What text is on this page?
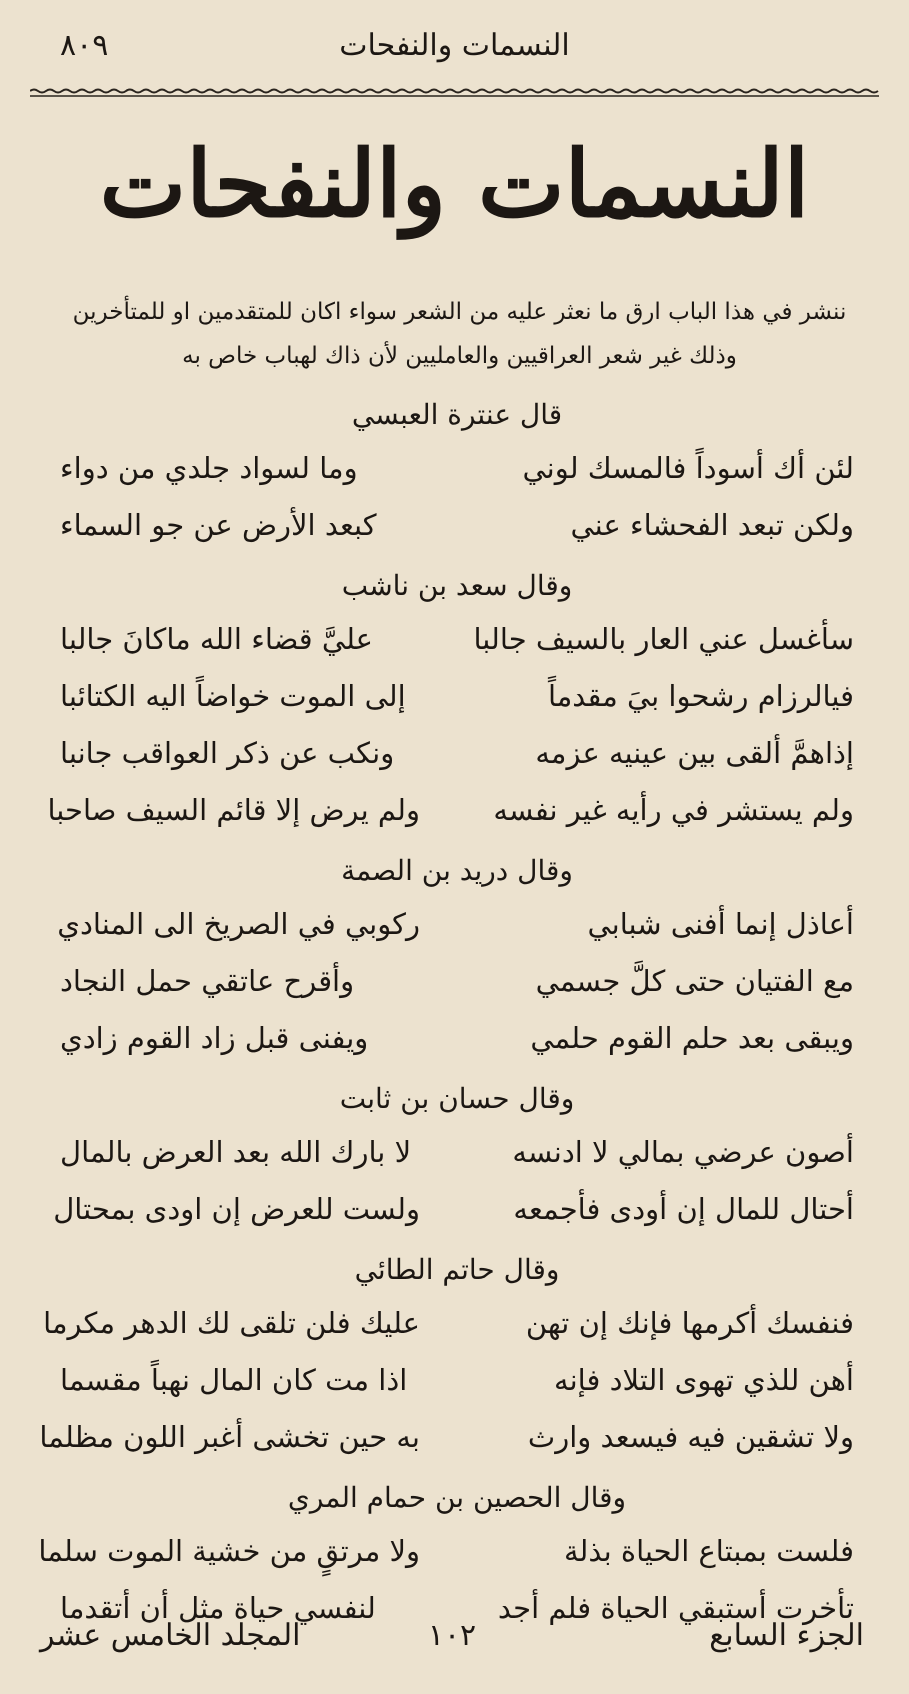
النسمات والنفحات
٨٠٩
النسمات والنفحات
ننشر في هذا الباب ارق ما نعثر عليه من الشعر سواء اكان للمتقدمين او للمتأخرين
وذلك غير شعر العراقيين والعامليين لأن ذاك لهباب خاص به
قال عنترة العبسي
لئن أك أسوداً فالمسك لوني
وما لسواد جلدي من دواء
ولكن تبعد الفحشاء عني
كبعد الأرض عن جو السماء
وقال سعد بن ناشب
سأغسل عني العار بالسيف جالبا
عليَّ قضاء الله ماكانَ جالبا
فيالرزام رشحوا بيَ مقدماً
إلى الموت خواضاً اليه الكتائبا
إذاهمَّ ألقى بين عينيه عزمه
ونكب عن ذكر العواقب جانبا
ولم يستشر في رأيه غير نفسه
ولم يرض إلا قائم السيف صاحبا
وقال دريد بن الصمة
أعاذل إنما أفنى شبابي
ركوبي في الصريخ الى المنادي
مع الفتيان حتى كلَّ جسمي
وأقرح عاتقي حمل النجاد
ويبقى بعد حلم القوم حلمي
ويفنى قبل زاد القوم زادي
وقال حسان بن ثابت
أصون عرضي بمالي لا ادنسه
لا بارك الله بعد العرض بالمال
أحتال للمال إن أودى فأجمعه
ولست للعرض إن اودى بمحتال
وقال حاتم الطائي
فنفسك أكرمها فإنك إن تهن
عليك فلن تلقى لك الدهر مكرما
أهن للذي تهوى التلاد فإنه
اذا مت كان المال نهباً مقسما
ولا تشقين فيه فيسعد وارث
به حين تخشى أغبر اللون مظلما
وقال الحصين بن حمام المري
فلست بمبتاع الحياة بذلة
ولا مرتقٍ من خشية الموت سلما
تأخرت أستبقي الحياة فلم أجد
لنفسي حياة مثل أن أتقدما
الجزء السابع
١٠٢
المجلد الخامس عشر
